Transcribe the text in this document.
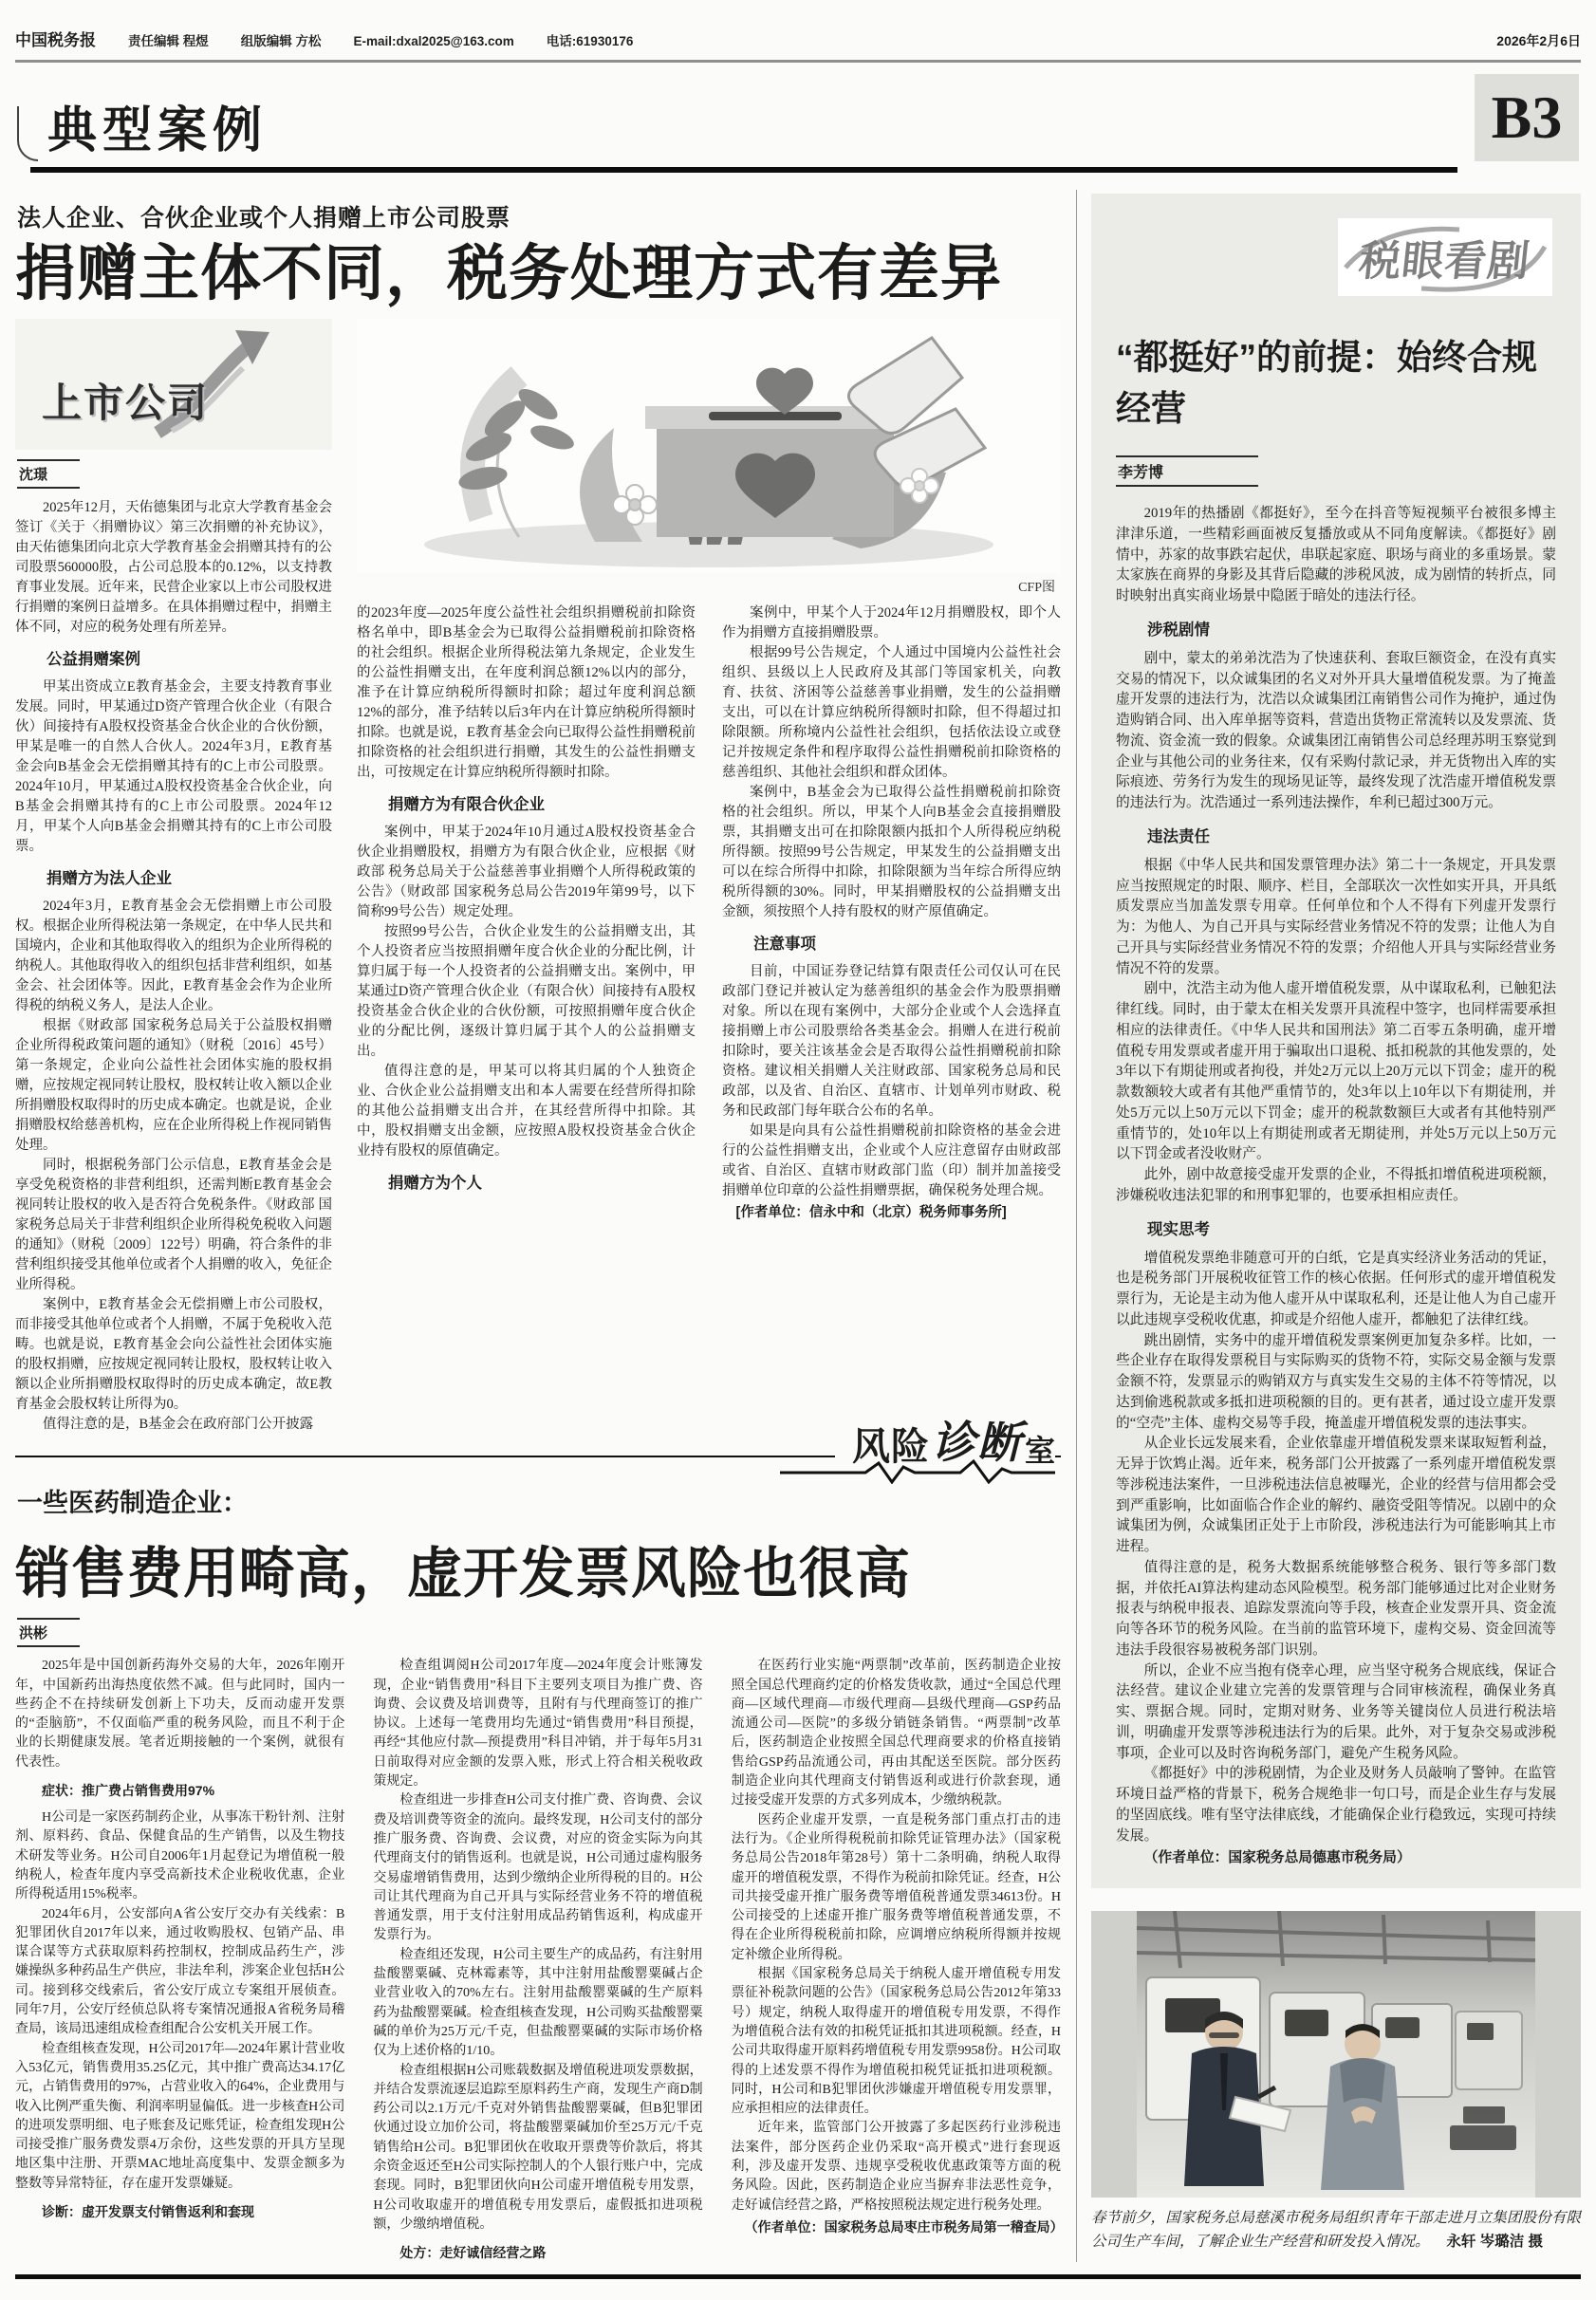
中国税务报	责任编辑 程煜	组版编辑 方松	E-mail:dxal2025@163.com	电话:61930176	2026年2月6日
典型案例	B3
法人企业、合伙企业或个人捐赠上市公司股票
捐赠主体不同，税务处理方式有差异
上市公司
沈璟

2025年12月，天佑德集团与北京大学教育基金会签订《关于〈捐赠协议〉第三次捐赠的补充协议》，由天佑德集团向北京大学教育基金会捐赠其持有的公司股票560000股，占公司总股本的0.12%，以支持教育事业发展。近年来，民营企业家以上市公司股权进行捐赠的案例日益增多。在具体捐赠过程中，捐赠主体不同，对应的税务处理有所差异。

公益捐赠案例

甲某出资成立E教育基金会，主要支持教育事业发展。同时，甲某通过D资产管理合伙企业（有限合伙）间接持有A股权投资基金合伙企业的合伙份额，甲某是唯一的自然人合伙人。2024年3月，E教育基金会向B基金会无偿捐赠其持有的C上市公司股票。2024年10月，甲某通过A股权投资基金合伙企业，向B基金会捐赠其持有的C上市公司股票。2024年12月，甲某个人向B基金会捐赠其持有的C上市公司股票。

捐赠方为法人企业

2024年3月，E教育基金会无偿捐赠上市公司股权。根据企业所得税法第一条规定，在中华人民共和国境内，企业和其他取得收入的组织为企业所得税的纳税人。其他取得收入的组织包括非营利组织，如基金会、社会团体等。因此，E教育基金会作为企业所得税的纳税义务人，是法人企业。

根据《财政部 国家税务总局关于公益股权捐赠企业所得税政策问题的通知》（财税〔2016〕45号）第一条规定，企业向公益性社会团体实施的股权捐赠，应按规定视同转让股权，股权转让收入额以企业所捐赠股权取得时的历史成本确定。也就是说，企业捐赠股权给慈善机构，应在企业所得税上作视同销售处理。

同时，根据税务部门公示信息，E教育基金会是享受免税资格的非营利组织，还需判断E教育基金会视同转让股权的收入是否符合免税条件。《财政部 国家税务总局关于非营利组织企业所得税免税收入问题的通知》（财税〔2009〕122号）明确，符合条件的非营利组织接受其他单位或者个人捐赠的收入，免征企业所得税。

案例中，E教育基金会无偿捐赠上市公司股权，而非接受其他单位或者个人捐赠，不属于免税收入范畴。也就是说，E教育基金会向公益性社会团体实施的股权捐赠，应按规定视同转让股权，股权转让收入额以企业所捐赠股权取得时的历史成本确定，故E教育基金会股权转让所得为0。

值得注意的是，B基金会在政府部门公开披露

CFP图

的2023年度—2025年度公益性社会组织捐赠税前扣除资格名单中，即B基金会为已取得公益捐赠税前扣除资格的社会组织。根据企业所得税法第九条规定，企业发生的公益性捐赠支出，在年度利润总额12%以内的部分，准予在计算应纳税所得额时扣除；超过年度利润总额12%的部分，准予结转以后3年内在计算应纳税所得额时扣除。也就是说，E教育基金会向已取得公益性捐赠税前扣除资格的社会组织进行捐赠，其发生的公益性捐赠支出，可按规定在计算应纳税所得额时扣除。

捐赠方为有限合伙企业

案例中，甲某于2024年10月通过A股权投资基金合伙企业捐赠股权，捐赠方为有限合伙企业，应根据《财政部 税务总局关于公益慈善事业捐赠个人所得税政策的公告》（财政部 国家税务总局公告2019年第99号，以下简称99号公告）规定处理。

按照99号公告，合伙企业发生的公益捐赠支出，其个人投资者应当按照捐赠年度合伙企业的分配比例，计算归属于每一个人投资者的公益捐赠支出。案例中，甲某通过D资产管理合伙企业（有限合伙）间接持有A股权投资基金合伙企业的合伙份额，可按照捐赠年度合伙企业的分配比例，逐级计算归属于其个人的公益捐赠支出。

值得注意的是，甲某可以将其归属的个人独资企业、合伙企业公益捐赠支出和本人需要在经营所得扣除的其他公益捐赠支出合并，在其经营所得中扣除。其中，股权捐赠支出金额，应按照A股权投资基金合伙企业持有股权的原值确定。

捐赠方为个人

案例中，甲某个人于2024年12月捐赠股权，即个人作为捐赠方直接捐赠股票。

根据99号公告规定，个人通过中国境内公益性社会组织、县级以上人民政府及其部门等国家机关，向教育、扶贫、济困等公益慈善事业捐赠，发生的公益捐赠支出，可以在计算应纳税所得额时扣除，但不得超过扣除限额。所称境内公益性社会组织，包括依法设立或登记并按规定条件和程序取得公益性捐赠税前扣除资格的慈善组织、其他社会组织和群众团体。

案例中，B基金会为已取得公益性捐赠税前扣除资格的社会组织。所以，甲某个人向B基金会直接捐赠股票，其捐赠支出可在扣除限额内抵扣个人所得税应纳税所得额。按照99号公告规定，甲某发生的公益捐赠支出可以在综合所得中扣除，扣除限额为当年综合所得应纳税所得额的30%。同时，甲某捐赠股权的公益捐赠支出金额，须按照个人持有股权的财产原值确定。

注意事项

目前，中国证券登记结算有限责任公司仅认可在民政部门登记并被认定为慈善组织的基金会作为股票捐赠对象。所以在现有案例中，大部分企业或个人会选择直接捐赠上市公司股票给各类基金会。捐赠人在进行税前扣除时，要关注该基金会是否取得公益性捐赠税前扣除资格。建议相关捐赠人关注财政部、国家税务总局和民政部，以及省、自治区、直辖市、计划单列市财政、税务和民政部门每年联合公布的名单。

如果是向具有公益性捐赠税前扣除资格的基金会进行的公益性捐赠支出，企业或个人应注意留存由财政部或省、自治区、直辖市财政部门监（印）制并加盖接受捐赠单位印章的公益性捐赠票据，确保税务处理合规。

[作者单位：信永中和（北京）税务师事务所]

风险 诊断 室
一些医药制造企业：
销售费用畸高，虚开发票风险也很高
洪彬

2025年是中国创新药海外交易的大年，2026年刚开年，中国新药出海热度依然不减。但与此同时，国内一些药企不在持续研发创新上下功夫，反而动虚开发票的“歪脑筋”，不仅面临严重的税务风险，而且不利于企业的长期健康发展。笔者近期接触的一个案例，就很有代表性。

症状：推广费占销售费用97%

H公司是一家医药制药企业，从事冻干粉针剂、注射剂、原料药、食品、保健食品的生产销售，以及生物技术研发等业务。H公司自2006年1月起登记为增值税一般纳税人，检查年度内享受高新技术企业税收优惠，企业所得税适用15%税率。

2024年6月，公安部向A省公安厅交办有关线索：B犯罪团伙自2017年以来，通过收购股权、包销产品、串谋合谋等方式获取原料药控制权，控制成品药生产，涉嫌操纵多种药品生产供应，非法牟利，涉案企业包括H公司。接到移交线索后，省公安厅成立专案组开展侦查。同年7月，公安厅经侦总队将专案情况通报A省税务局稽查局，该局迅速组成检查组配合公安机关开展工作。

检查组核查发现，H公司2017年—2024年累计营业收入53亿元，销售费用35.25亿元，其中推广费高达34.17亿元，占销售费用的97%，占营业收入的64%，企业费用与收入比例严重失衡、利润率明显偏低。进一步核查H公司的进项发票明细、电子账套及记账凭证，检查组发现H公司接受推广服务费发票4万余份，这些发票的开具方呈现地区集中注册、开票MAC地址高度集中、发票金额多为整数等异常特征，存在虚开发票嫌疑。

诊断：虚开发票支付销售返利和套现

检查组调阅H公司2017年度—2024年度会计账簿发现，企业“销售费用”科目下主要列支项目为推广费、咨询费、会议费及培训费等，且附有与代理商签订的推广协议。上述每一笔费用均先通过“销售费用”科目预提，再经“其他应付款—预提费用”科目冲销，并于每年5月31日前取得对应金额的发票入账，形式上符合相关税收政策规定。

检查组进一步排查H公司支付推广费、咨询费、会议费及培训费等资金的流向。最终发现，H公司支付的部分推广服务费、咨询费、会议费，对应的资金实际为向其代理商支付的销售返利。也就是说，H公司通过虚构服务交易虚增销售费用，达到少缴纳企业所得税的目的。H公司让其代理商为自己开具与实际经营业务不符的增值税普通发票，用于支付注射用成品药销售返利，构成虚开发票行为。

检查组还发现，H公司主要生产的成品药，有注射用盐酸罂粟碱、克林霉素等，其中注射用盐酸罂粟碱占企业营业收入的70%左右。注射用盐酸罂粟碱的生产原料药为盐酸罂粟碱。检查组核查发现，H公司购买盐酸罂粟碱的单价为25万元/千克，但盐酸罂粟碱的实际市场价格仅为上述价格的1/10。

检查组根据H公司账载数据及增值税进项发票数据，并结合发票流逐层追踪至原料药生产商，发现生产商D制药公司以2.1万元/千克对外销售盐酸罂粟碱，但B犯罪团伙通过设立加价公司，将盐酸罂粟碱加价至25万元/千克销售给H公司。B犯罪团伙在收取开票费等价款后，将其余资金返还至H公司实际控制人的个人银行账户中，完成套现。同时，B犯罪团伙向H公司虚开增值税专用发票，H公司收取虚开的增值税专用发票后，虚假抵扣进项税额，少缴纳增值税。

处方：走好诚信经营之路

在医药行业实施“两票制”改革前，医药制造企业按照全国总代理商约定的价格发货收款，通过“全国总代理商—区域代理商—市级代理商—县级代理商—GSP药品流通公司—医院”的多级分销链条销售。“两票制”改革后，医药制造企业按照全国总代理商要求的价格直接销售给GSP药品流通公司，再由其配送至医院。部分医药制造企业向其代理商支付销售返利或进行价款套现，通过接受虚开发票的方式多列成本，少缴纳税款。

医药企业虚开发票，一直是税务部门重点打击的违法行为。《企业所得税税前扣除凭证管理办法》（国家税务总局公告2018年第28号）第十二条明确，纳税人取得虚开的增值税发票，不得作为税前扣除凭证。经查，H公司共接受虚开推广服务费等增值税普通发票34613份。H公司接受的上述虚开推广服务费等增值税普通发票，不得在企业所得税税前扣除，应调增应纳税所得额并按规定补缴企业所得税。

根据《国家税务总局关于纳税人虚开增值税专用发票征补税款问题的公告》（国家税务总局公告2012年第33号）规定，纳税人取得虚开的增值税专用发票，不得作为增值税合法有效的扣税凭证抵扣其进项税额。经查，H公司共取得虚开原料药增值税专用发票9958份。H公司取得的上述发票不得作为增值税扣税凭证抵扣进项税额。同时，H公司和B犯罪团伙涉嫌虚开增值税专用发票罪，应承担相应的法律责任。

近年来，监管部门公开披露了多起医药行业涉税违法案件，部分医药企业仍采取“高开模式”进行套现返利，涉及虚开发票、违规享受税收优惠政策等方面的税务风险。因此，医药制造企业应当摒弃非法恶性竞争，走好诚信经营之路，严格按照税法规定进行税务处理。

（作者单位：国家税务总局枣庄市税务局第一稽查局）

税眼看剧
“都挺好”的前提：始终合规经营
李芳博

2019年的热播剧《都挺好》，至今在抖音等短视频平台被很多博主津津乐道，一些精彩画面被反复播放或从不同角度解读。《都挺好》剧情中，苏家的故事跌宕起伏，串联起家庭、职场与商业的多重场景。蒙太家族在商界的身影及其背后隐藏的涉税风波，成为剧情的转折点，同时映射出真实商业场景中隐匿于暗处的违法行径。

涉税剧情

剧中，蒙太的弟弟沈浩为了快速获利、套取巨额资金，在没有真实交易的情况下，以众诚集团的名义对外开具大量增值税发票。为了掩盖虚开发票的违法行为，沈浩以众诚集团江南销售公司作为掩护，通过伪造购销合同、出入库单据等资料，营造出货物正常流转以及发票流、货物流、资金流一致的假象。众诚集团江南销售公司总经理苏明玉察觉到企业与其他公司的业务往来，仅有采购付款记录，并无货物出入库的实际痕迹、劳务行为发生的现场见证等，最终发现了沈浩虚开增值税发票的违法行为。沈浩通过一系列违法操作，牟利已超过300万元。

违法责任

根据《中华人民共和国发票管理办法》第二十一条规定，开具发票应当按照规定的时限、顺序、栏目，全部联次一次性如实开具，开具纸质发票应当加盖发票专用章。任何单位和个人不得有下列虚开发票行为：为他人、为自己开具与实际经营业务情况不符的发票；让他人为自己开具与实际经营业务情况不符的发票；介绍他人开具与实际经营业务情况不符的发票。

剧中，沈浩主动为他人虚开增值税发票，从中谋取私利，已触犯法律红线。同时，由于蒙太在相关发票开具流程中签字，也同样需要承担相应的法律责任。《中华人民共和国刑法》第二百零五条明确，虚开增值税专用发票或者虚开用于骗取出口退税、抵扣税款的其他发票的，处3年以下有期徒刑或者拘役，并处2万元以上20万元以下罚金；虚开的税款数额较大或者有其他严重情节的，处3年以上10年以下有期徒刑，并处5万元以上50万元以下罚金；虚开的税款数额巨大或者有其他特别严重情节的，处10年以上有期徒刑或者无期徒刑，并处5万元以上50万元以下罚金或者没收财产。

此外，剧中故意接受虚开发票的企业，不得抵扣增值税进项税额，涉嫌税收违法犯罪的和刑事犯罪的，也要承担相应责任。

现实思考

增值税发票绝非随意可开的白纸，它是真实经济业务活动的凭证，也是税务部门开展税收征管工作的核心依据。任何形式的虚开增值税发票行为，无论是主动为他人虚开从中谋取私利，还是让他人为自己虚开以此违规享受税收优惠，抑或是介绍他人虚开，都触犯了法律红线。

跳出剧情，实务中的虚开增值税发票案例更加复杂多样。比如，一些企业存在取得发票税目与实际购买的货物不符，实际交易金额与发票金额不符，发票显示的购销双方与真实发生交易的主体不符等情况，以达到偷逃税款或多抵扣进项税额的目的。更有甚者，通过设立虚开发票的“空壳”主体、虚构交易等手段，掩盖虚开增值税发票的违法事实。

从企业长远发展来看，企业依靠虚开增值税发票来谋取短暂利益，无异于饮鸩止渴。近年来，税务部门公开披露了一系列虚开增值税发票等涉税违法案件，一旦涉税违法信息被曝光，企业的经营与信用都会受到严重影响，比如面临合作企业的解约、融资受阻等情况。以剧中的众诚集团为例，众诚集团正处于上市阶段，涉税违法行为可能影响其上市进程。

值得注意的是，税务大数据系统能够整合税务、银行等多部门数据，并依托AI算法构建动态风险模型。税务部门能够通过比对企业财务报表与纳税申报表、追踪发票流向等手段，核查企业发票开具、资金流向等各环节的税务风险。在当前的监管环境下，虚构交易、资金回流等违法手段很容易被税务部门识别。

所以，企业不应当抱有侥幸心理，应当坚守税务合规底线，保证合法经营。建议企业建立完善的发票管理与合同审核流程，确保业务真实、票据合规。同时，定期对财务、业务等关键岗位人员进行税法培训，明确虚开发票等涉税违法行为的后果。此外，对于复杂交易或涉税事项，企业可以及时咨询税务部门，避免产生税务风险。

《都挺好》中的涉税剧情，为企业及财务人员敲响了警钟。在监管环境日益严格的背景下，税务合规绝非一句口号，而是企业生存与发展的坚固底线。唯有坚守法律底线，才能确保企业行稳致远，实现可持续发展。

（作者单位：国家税务总局德惠市税务局）

春节前夕，国家税务总局慈溪市税务局组织青年干部走进月立集团股份有限公司生产车间，了解企业生产经营和研发投入情况。 永轩 岑璐洁 摄
